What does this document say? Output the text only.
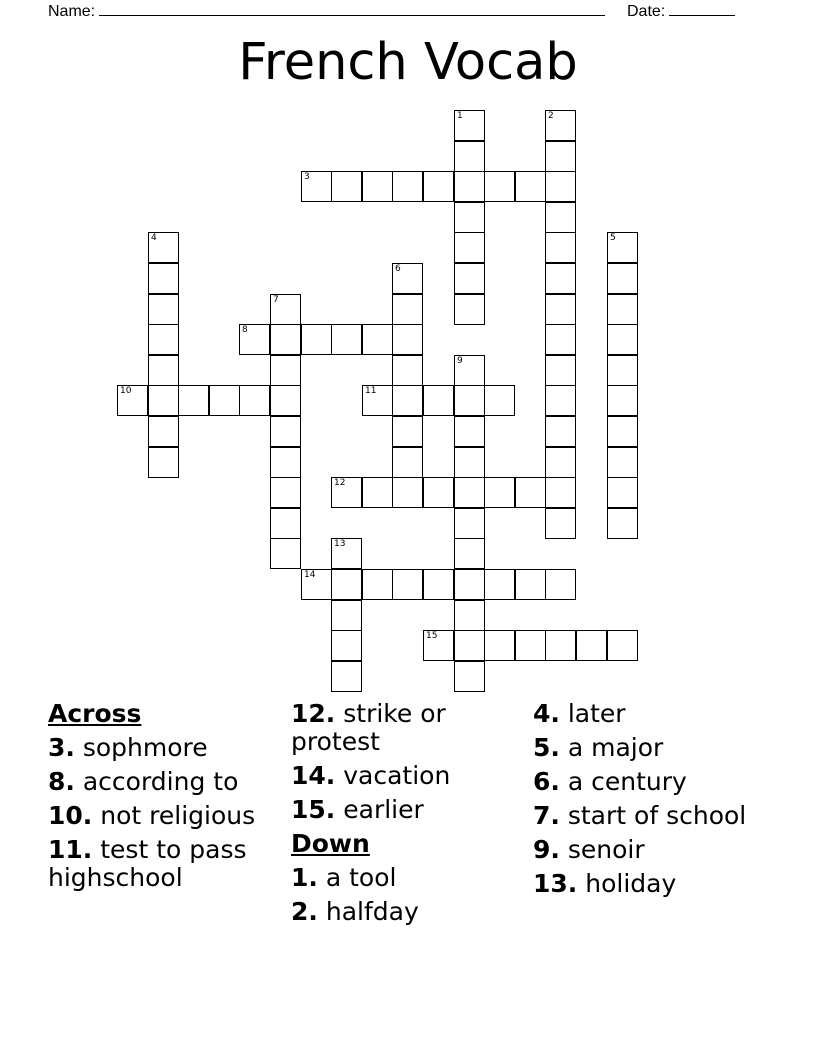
Name:	Date:
French Vocab
3
8
10	11
12
14
15
1	2
4	5
6
7
9
13
Across
3. sophmore
8. according to
10. not religious
11. test to pass highschool
12. strike or protest
14. vacation
15. earlier
Down
1. a tool
2. halfday
4. later
5. a major
6. a century
7. start of school
9. senoir
13. holiday
